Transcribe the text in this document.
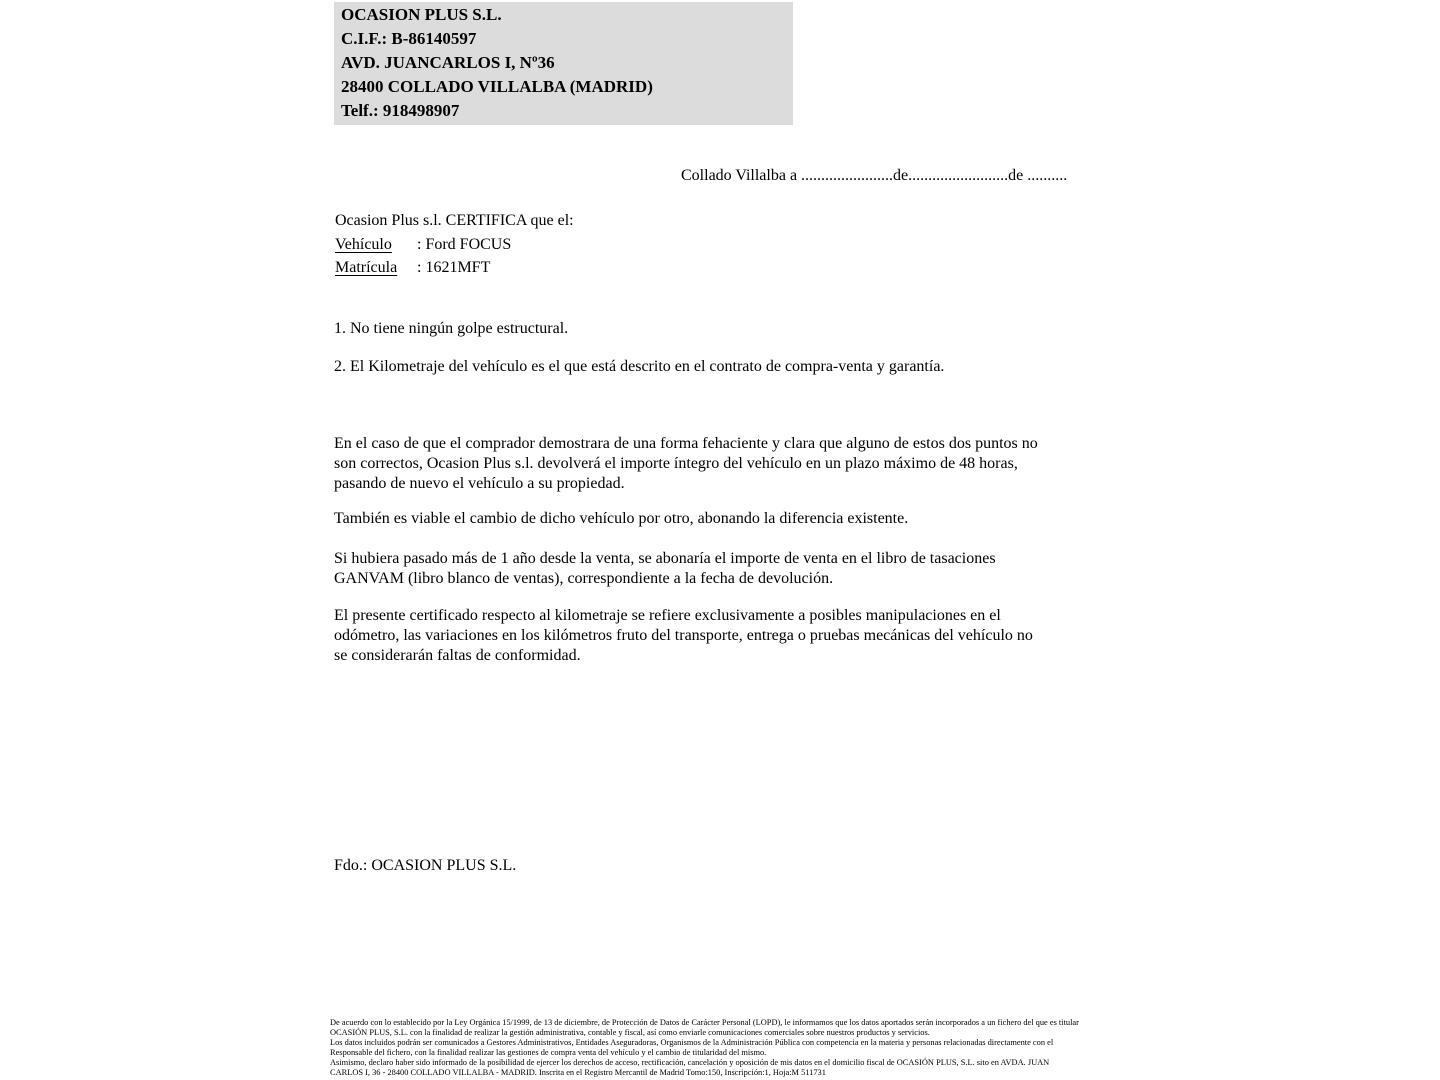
OCASION PLUS S.L.
C.I.F.: B-86140597
AVD. JUANCARLOS I, Nº36
28400 COLLADO VILLALBA (MADRID)
Telf.: 918498907
Collado Villalba a .......................de.........................de ..........
Ocasion Plus s.l. CERTIFICA que el:
Vehículo : Ford FOCUS
Matrícula : 1621MFT
1. No tiene ningún golpe estructural.
2. El Kilometraje del vehículo es el que está descrito en el contrato de compra-venta y garantía.
En el caso de que el comprador demostrara de una forma fehaciente y clara que alguno de estos dos puntos no
son correctos, Ocasion Plus s.l. devolverá el importe íntegro del vehículo en un plazo máximo de 48 horas,
pasando de nuevo el vehículo a su propiedad.
También es viable el cambio de dicho vehículo por otro, abonando la diferencia existente.
Si hubiera pasado más de 1 año desde la venta, se abonaría el importe de venta en el libro de tasaciones
GANVAM (libro blanco de ventas), correspondiente a la fecha de devolución.
El presente certificado respecto al kilometraje se refiere exclusivamente a posibles manipulaciones en el
odómetro, las variaciones en los kilómetros fruto del transporte, entrega o pruebas mecánicas del vehículo no
se considerarán faltas de conformidad.
Fdo.: OCASION PLUS S.L.
De acuerdo con lo establecido por la Ley Orgánica 15/1999, de 13 de diciembre, de Protección de Datos de Carácter Personal (LOPD), le informamos que los datos aportados serán incorporados a un fichero del que es titular
OCASIÓN PLUS, S.L. con la finalidad de realizar la gestión administrativa, contable y fiscal, así como enviarle comunicaciones comerciales sobre nuestros productos y servicios.
Los datos incluidos podrán ser comunicados a Gestores Administrativos, Entidades Aseguradoras, Organismos de la Administración Pública con competencia en la materia y personas relacionadas directamente con el
Responsable del fichero, con la finalidad realizar las gestiones de compra venta del vehículo y el cambio de titularidad del mismo.
Asimismo, declaro haber sido informado de la posibilidad de ejercer los derechos de acceso, rectificación, cancelación y oposición de mis datos en el domicilio fiscal de OCASIÓN PLUS, S.L. sito en AVDA. JUAN
CARLOS I, 36 - 28400 COLLADO VILLALBA - MADRID. Inscrita en el Registro Mercantil de Madrid Tomo:150, Inscripción:1, Hoja:M 511731
